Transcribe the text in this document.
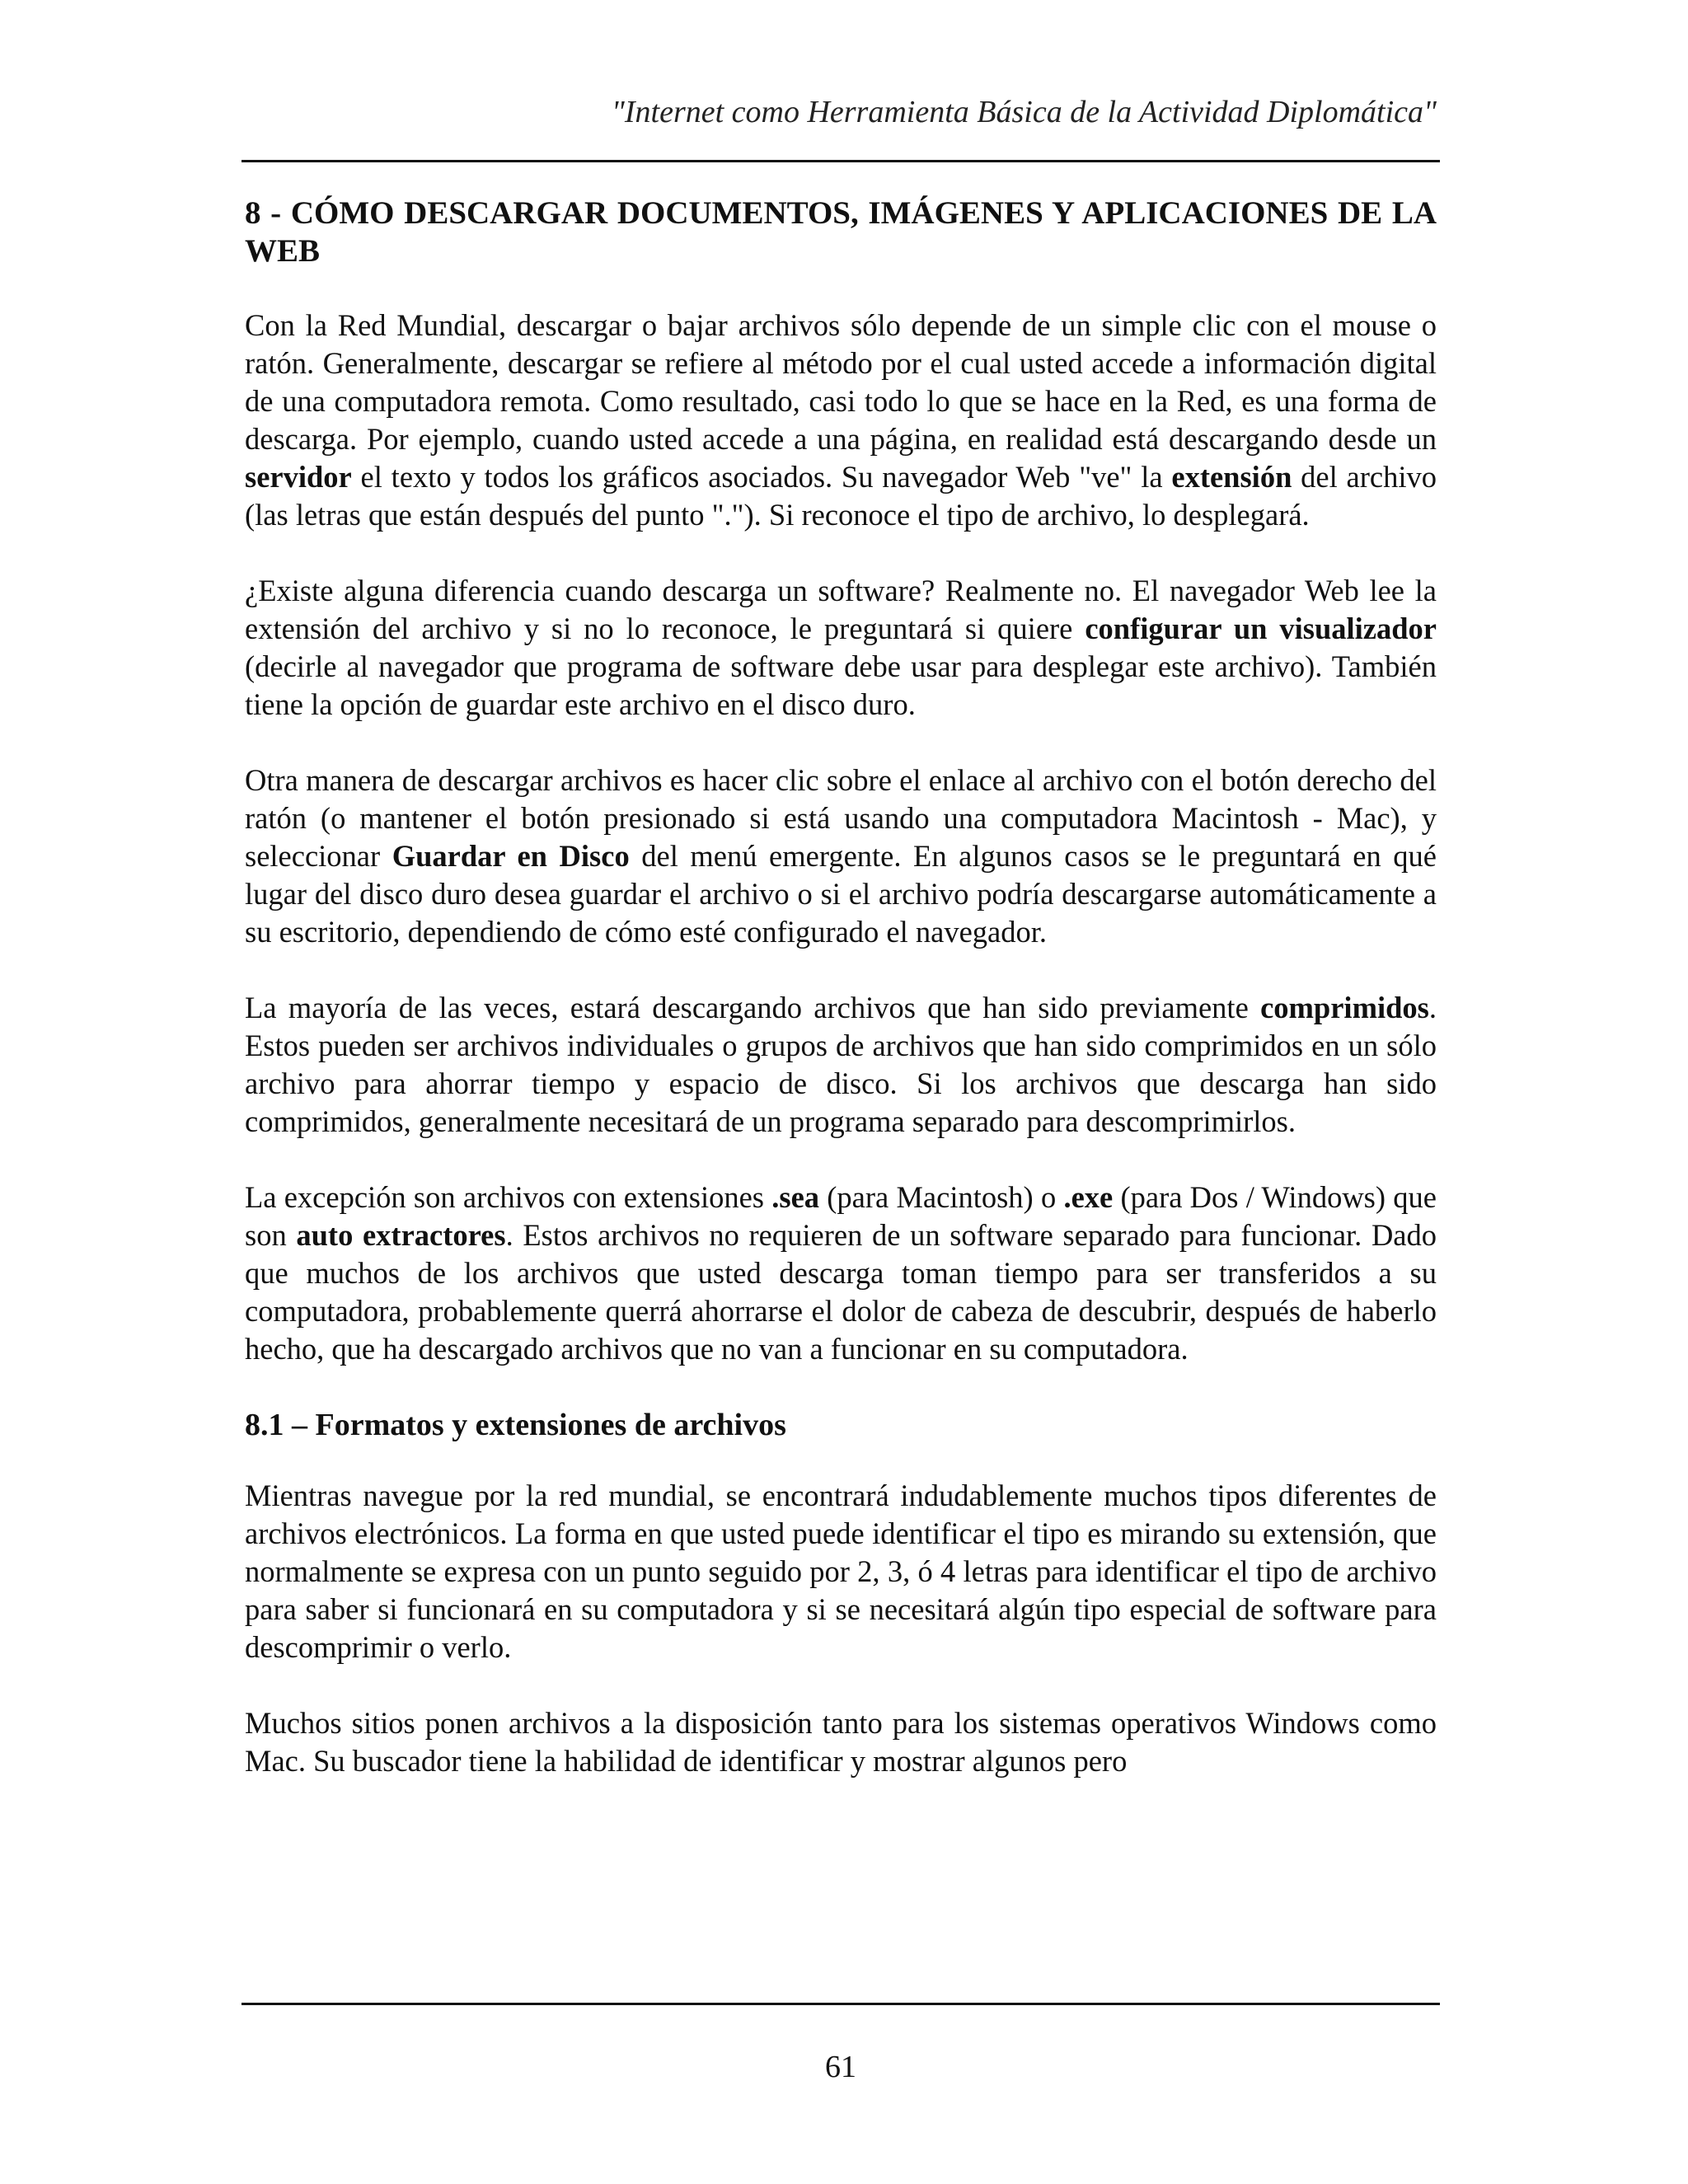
"Internet como Herramienta Básica de la Actividad Diplomática"
8 - CÓMO DESCARGAR DOCUMENTOS, IMÁGENES Y APLICACIONES DE LA WEB

Con la Red Mundial, descargar o bajar archivos sólo depende de un simple clic con el mouse o ratón. Generalmente, descargar se refiere al método por el cual usted accede a información digital de una computadora remota. Como resultado, casi todo lo que se hace en la Red, es una forma de descarga. Por ejemplo, cuando usted accede a una página, en realidad está descargando desde un servidor el texto y todos los gráficos asociados. Su navegador Web "ve" la extensión del archivo (las letras que están después del punto "."). Si reconoce el tipo de archivo, lo desplegará.

¿Existe alguna diferencia cuando descarga un software? Realmente no. El navegador Web lee la extensión del archivo y si no lo reconoce, le preguntará si quiere configurar un visualizador (decirle al navegador que programa de software debe usar para desplegar este archivo). También tiene la opción de guardar este archivo en el disco duro.

Otra manera de descargar archivos es hacer clic sobre el enlace al archivo con el botón derecho del ratón (o mantener el botón presionado si está usando una computadora Macintosh - Mac), y seleccionar Guardar en Disco del menú emergente. En algunos casos se le preguntará en qué lugar del disco duro desea guardar el archivo o si el archivo podría descargarse automáticamente a su escritorio, dependiendo de cómo esté configurado el navegador.

La mayoría de las veces, estará descargando archivos que han sido previamente comprimidos. Estos pueden ser archivos individuales o grupos de archivos que han sido comprimidos en un sólo archivo para ahorrar tiempo y espacio de disco. Si los archivos que descarga han sido comprimidos, generalmente necesitará de un programa separado para descomprimirlos.

La excepción son archivos con extensiones .sea (para Macintosh) o .exe (para Dos / Windows) que son auto extractores. Estos archivos no requieren de un software separado para funcionar. Dado que muchos de los archivos que usted descarga toman tiempo para ser transferidos a su computadora, probablemente querrá ahorrarse el dolor de cabeza de descubrir, después de haberlo hecho, que ha descargado archivos que no van a funcionar en su computadora.

8.1 – Formatos y extensiones de archivos

Mientras navegue por la red mundial, se encontrará indudablemente muchos tipos diferentes de archivos electrónicos. La forma en que usted puede identificar el tipo es mirando su extensión, que normalmente se expresa con un punto seguido por 2, 3, ó 4 letras para identificar el tipo de archivo para saber si funcionará en su computadora y si se necesitará algún tipo especial de software para descomprimir o verlo.

Muchos sitios ponen archivos a la disposición tanto para los sistemas operativos Windows como Mac. Su buscador tiene la habilidad de identificar y mostrar algunos pero

61
